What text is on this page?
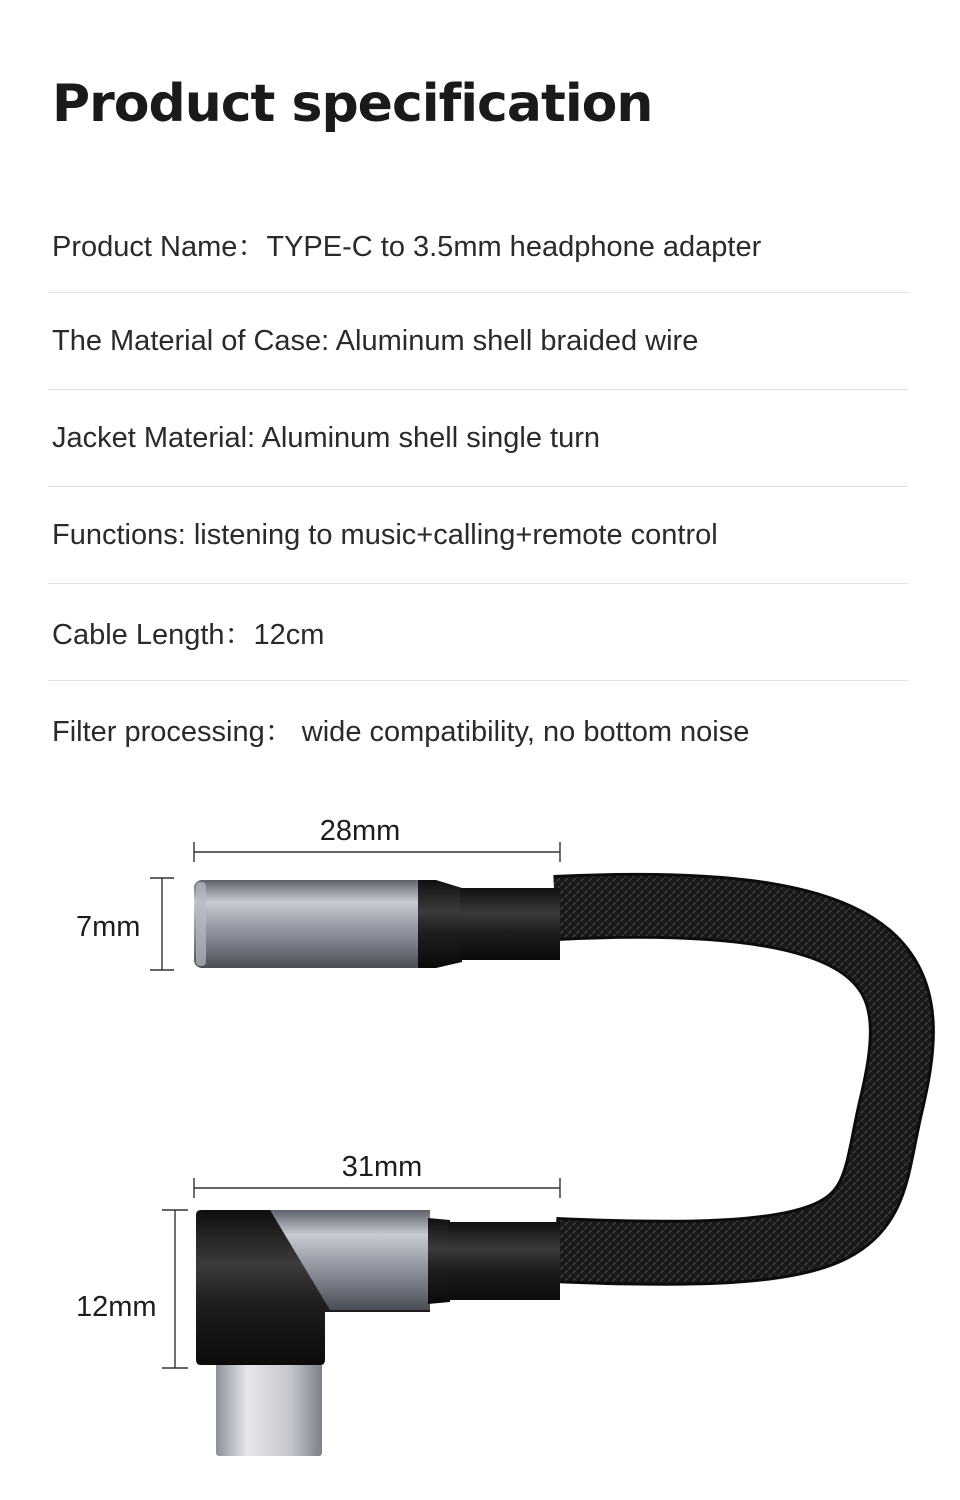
Product specification
Product Name：TYPE-C to 3.5mm headphone adapter
The Material of Case: Aluminum shell braided wire
Jacket Material: Aluminum shell single turn
Functions: listening to music+calling+remote control
Cable Length：12cm
Filter processing： wide compatibility, no bottom noise
28mm
7mm
31mm
12mm
